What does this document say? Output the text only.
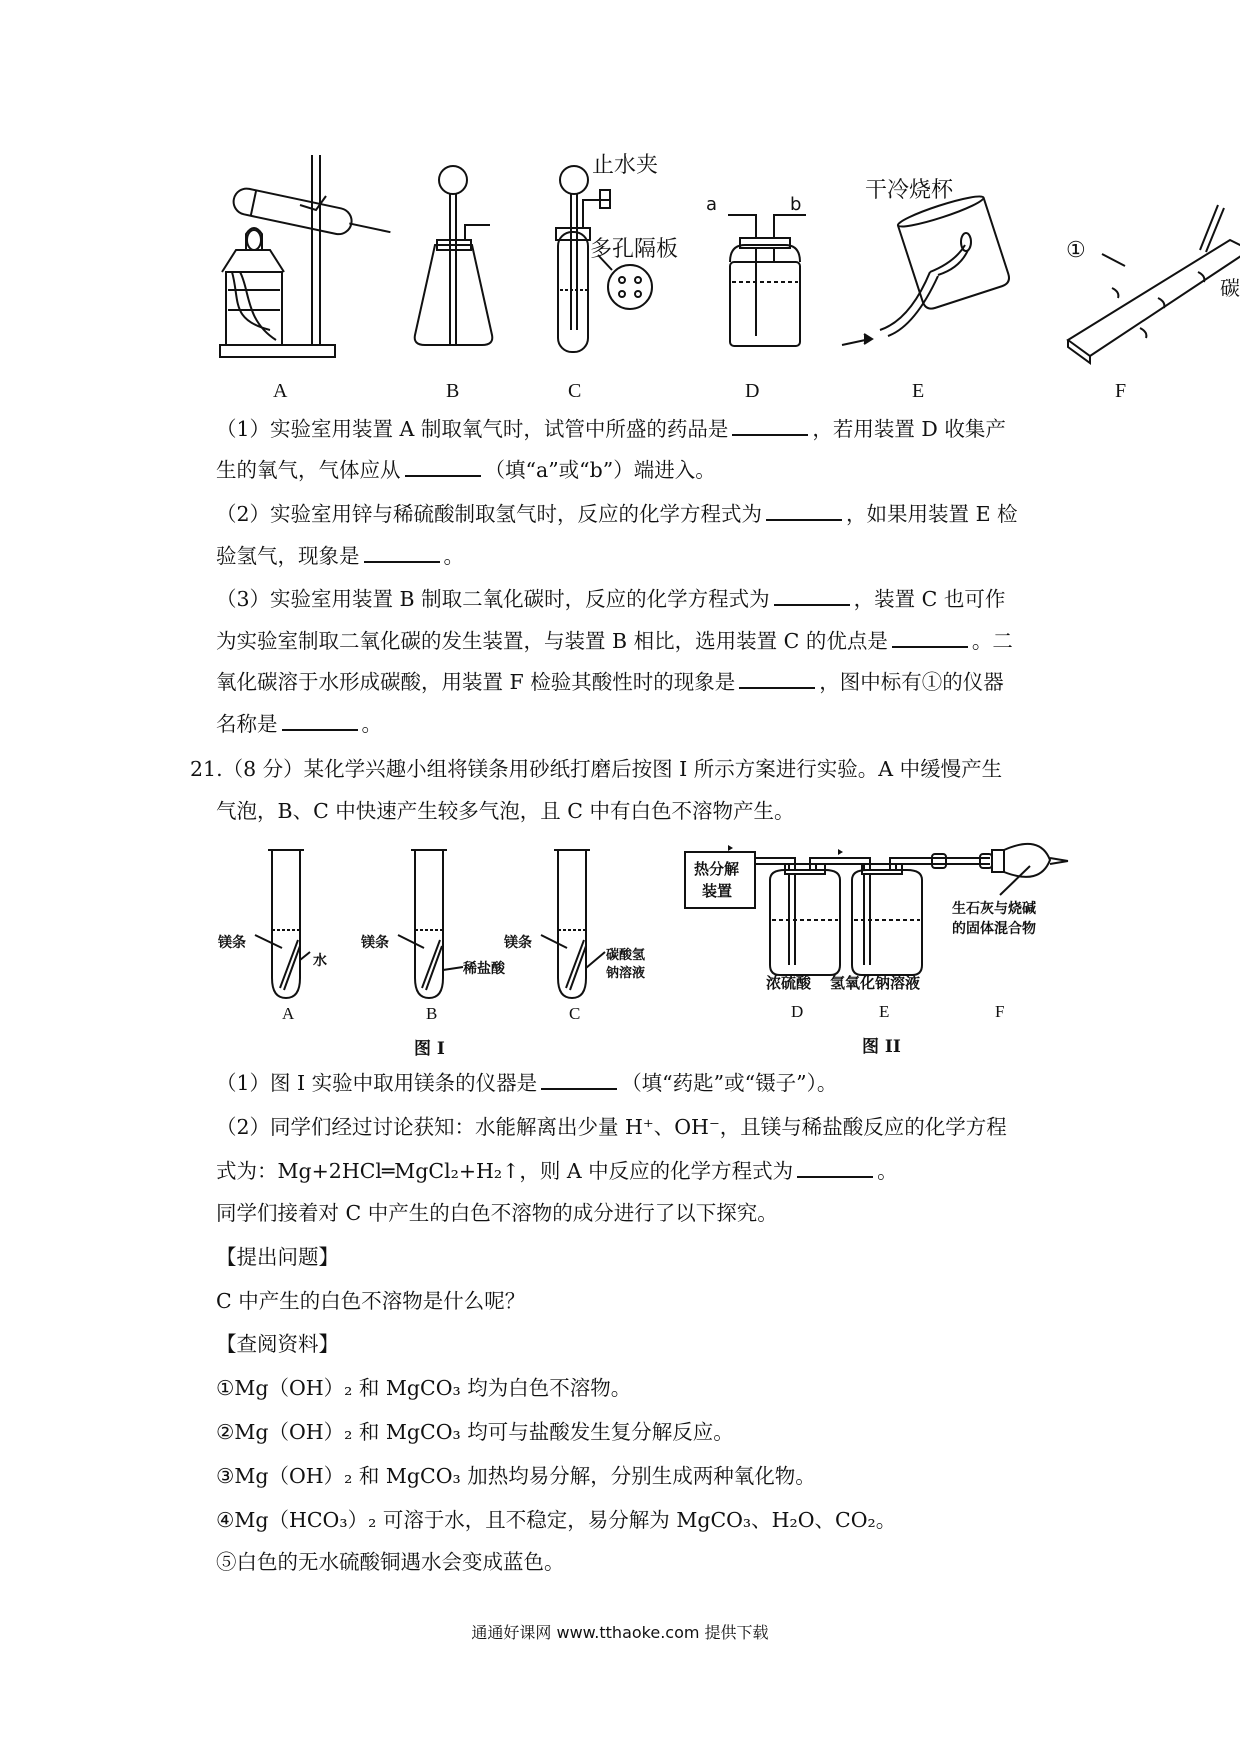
A	B	C	D	E	F
止水夹
多孔隔板
a	b
干冷烧杯
①
碳
（1）实验室用装置 A 制取氧气时，试管中所盛的药品是	，若用装置 D 收集产
生的氧气，气体应从	（填“a”或“b”）端进入。
（2）实验室用锌与稀硫酸制取氢气时，反应的化学方程式为	，如果用装置 E 检
验氢气，现象是	。
（3）实验室用装置 B 制取二氧化碳时，反应的化学方程式为	，装置 C 也可作
为实验室制取二氧化碳的发生装置，与装置 B 相比，选用装置 C 的优点是	。二
氧化碳溶于水形成碳酸，用装置 F 检验其酸性时的现象是	，图中标有①的仪器
名称是	。
21.（8 分）某化学兴趣小组将镁条用砂纸打磨后按图 I 所示方案进行实验。A 中缓慢产生
气泡，B、C 中快速产生较多气泡，且 C 中有白色不溶物产生。
镁条
水
镁条
稀盐酸
镁条
碳酸氢
钠溶液
A	B	C
图 I
热分解
装置
浓硫酸 氢氧化钠溶液
生石灰与烧碱
的固体混合物
D	E	F
图 II
（1）图 I 实验中取用镁条的仪器是	（填“药匙”或“镊子”）。
（2）同学们经过讨论获知：水能解离出少量 H⁺、OH⁻，且镁与稀盐酸反应的化学方程
式为：Mg+2HCl═MgCl₂+H₂↑，则 A 中反应的化学方程式为	。
同学们接着对 C 中产生的白色不溶物的成分进行了以下探究。
【提出问题】
C 中产生的白色不溶物是什么呢？
【查阅资料】
①Mg（OH）₂ 和 MgCO₃ 均为白色不溶物。
②Mg（OH）₂ 和 MgCO₃ 均可与盐酸发生复分解反应。
③Mg（OH）₂ 和 MgCO₃ 加热均易分解，分别生成两种氧化物。
④Mg（HCO₃）₂ 可溶于水，且不稳定，易分解为 MgCO₃、H₂O、CO₂。
⑤白色的无水硫酸铜遇水会变成蓝色。
通通好课网 www.tthaoke.com 提供下载
